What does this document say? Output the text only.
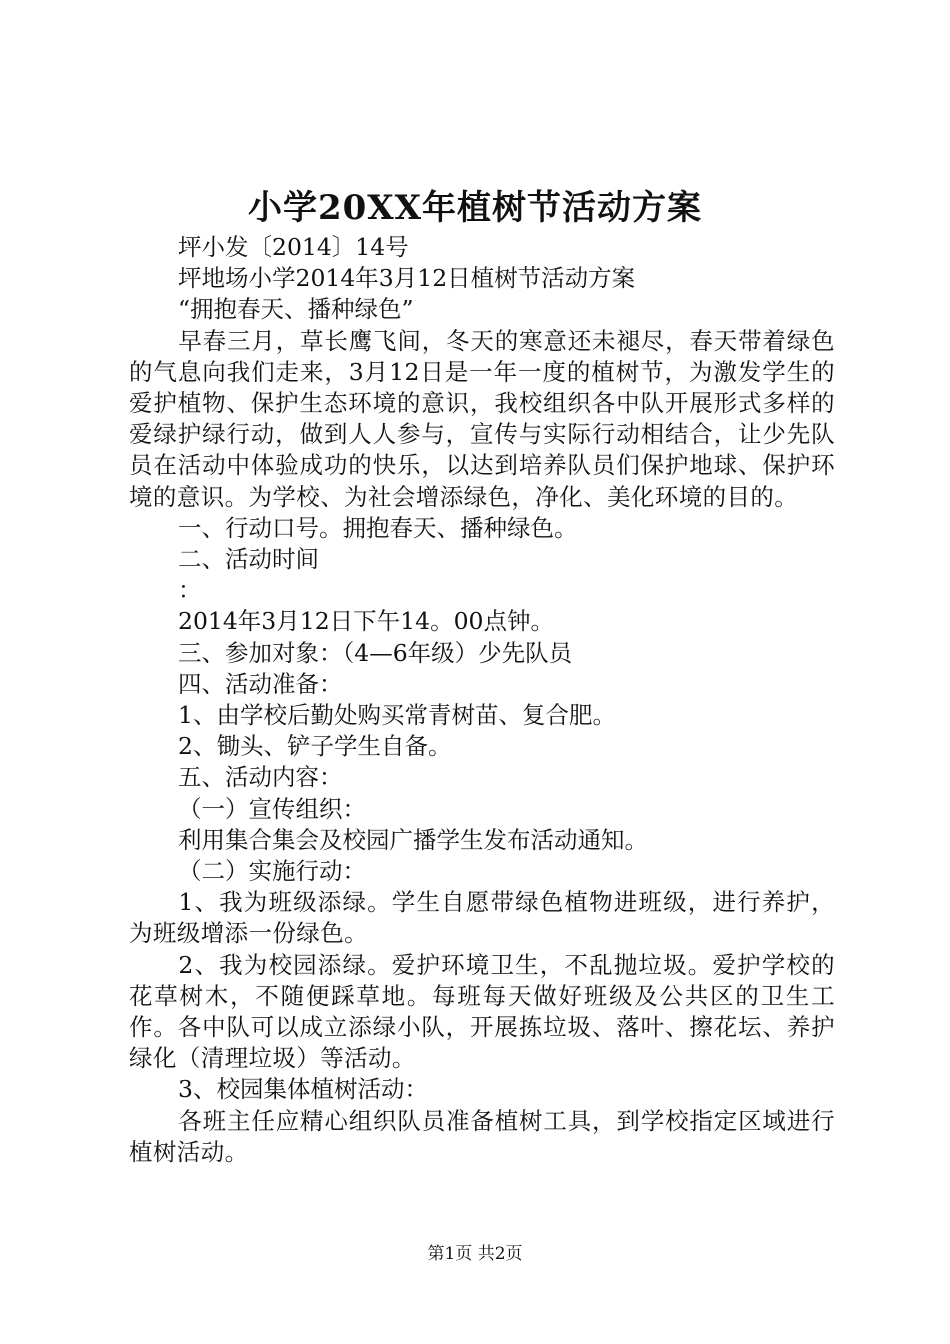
小学20XX年植树节活动方案

坪小发〔2014〕14号

坪地场小学2014年3月12日植树节活动方案

“拥抱春天、播种绿色”

早春三月，草长鹰飞间，冬天的寒意还未褪尽，春天带着绿色的气息向我们走来，3月12日是一年一度的植树节，为激发学生的爱护植物、保护生态环境的意识，我校组织各中队开展形式多样的爱绿护绿行动，做到人人参与，宣传与实际行动相结合，让少先队员在活动中体验成功的快乐，以达到培养队员们保护地球、保护环境的意识。为学校、为社会增添绿色，净化、美化环境的目的。

一、行动口号。拥抱春天、播种绿色。

二、活动时间

：

2014年3月12日下午14。00点钟。

三、参加对象：（4—6年级）少先队员

四、活动准备：

1、由学校后勤处购买常青树苗、复合肥。

2、锄头、铲子学生自备。

五、活动内容：

（一）宣传组织：

利用集合集会及校园广播学生发布活动通知。

（二）实施行动：

1、我为班级添绿。学生自愿带绿色植物进班级，进行养护，为班级增添一份绿色。

2、我为校园添绿。爱护环境卫生，不乱抛垃圾。爱护学校的花草树木，不随便踩草地。每班每天做好班级及公共区的卫生工作。各中队可以成立添绿小队，开展拣垃圾、落叶、擦花坛、养护绿化（清理垃圾）等活动。

3、校园集体植树活动：

各班主任应精心组织队员准备植树工具，到学校指定区域进行植树活动。

第1页 共2页
